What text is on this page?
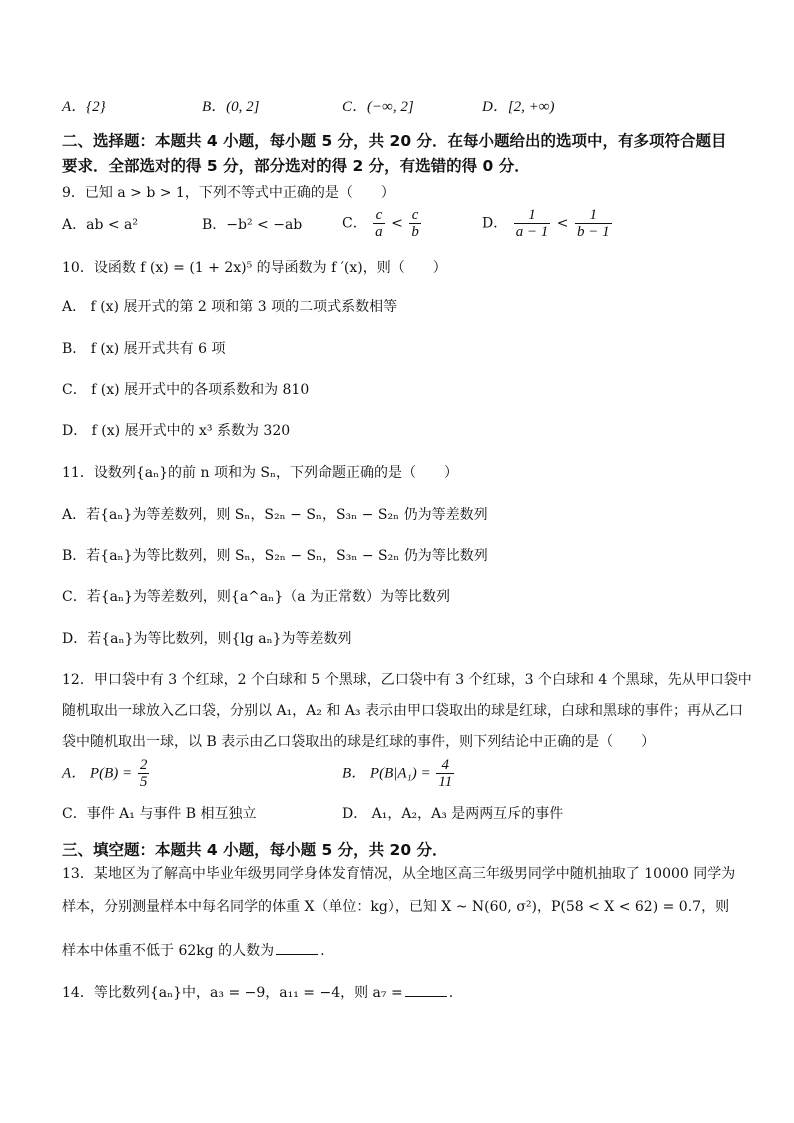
A．{2}	B．(0, 2]	C．(−∞, 2]	D．[2, +∞)
二、选择题：本题共 4 小题，每小题 5 分，共 20 分．在每小题给出的选项中，有多项符合题目
要求．全部选对的得 5 分，部分选对的得 2 分，有选错的得 0 分．
9．已知 a > b > 1，下列不等式中正确的是（　　）
A．ab < a²	B．−b² < −ab	C． $\frac{c}{a} < \frac{c}{b}$	D． $\frac{1}{a - 1} < \frac{1}{b - 1}$
10．设函数 f (x) = (1 + 2x)⁵ 的导函数为 f ′(x)，则（　　）
A． f (x) 展开式的第 2 项和第 3 项的二项式系数相等
B． f (x) 展开式共有 6 项
C． f (x) 展开式中的各项系数和为 810
D． f (x) 展开式中的 x³ 系数为 320
11．设数列{aₙ}的前 n 项和为 Sₙ，下列命题正确的是（　　）
A．若{aₙ}为等差数列，则 Sₙ，S₂ₙ − Sₙ，S₃ₙ − S₂ₙ 仍为等差数列
B．若{aₙ}为等比数列，则 Sₙ，S₂ₙ − Sₙ，S₃ₙ − S₂ₙ 仍为等比数列
C．若{aₙ}为等差数列，则{a^aₙ}（a 为正常数）为等比数列
D．若{aₙ}为等比数列，则{lg aₙ}为等差数列
12．甲口袋中有 3 个红球，2 个白球和 5 个黑球，乙口袋中有 3 个红球，3 个白球和 4 个黑球，先从甲口袋中
随机取出一球放入乙口袋，分别以 A₁，A₂ 和 A₃ 表示由甲口袋取出的球是红球，白球和黑球的事件；再从乙口
袋中随机取出一球，以 B 表示由乙口袋取出的球是红球的事件，则下列结论中正确的是（　　）
A． $P(B) = \frac{2}{5}$	B． $P(B|A_1) = \frac{4}{11}$
C．事件 A₁ 与事件 B 相互独立	D． A₁，A₂，A₃ 是两两互斥的事件
三、填空题：本题共 4 小题，每小题 5 分，共 20 分．
13．某地区为了解高中毕业年级男同学身体发育情况，从全地区高三年级男同学中随机抽取了 10000 同学为
样本，分别测量样本中每名同学的体重 X（单位：kg），已知 X ~ N(60, σ²)，P(58 < X < 62) = 0.7，则
样本中体重不低于 62kg 的人数为	.
14．等比数列{aₙ}中，a₃ = −9，a₁₁ = −4，则 a₇ =	.
